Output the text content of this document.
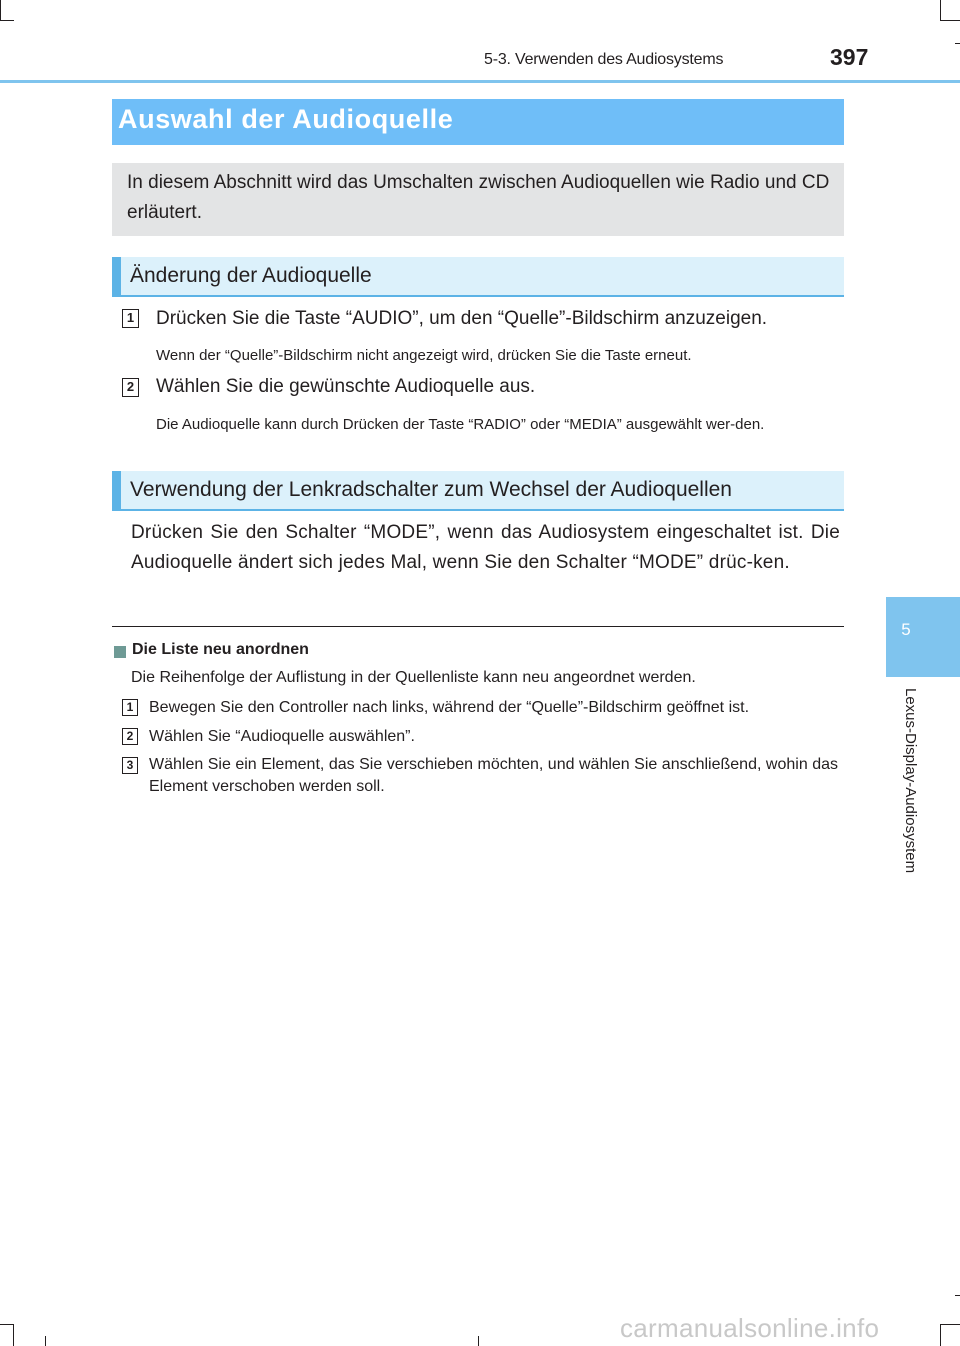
5-3. Verwenden des Audiosystems	397
5
Lexus-Display-Audiosystem
Auswahl der Audioquelle
In diesem Abschnitt wird das Umschalten zwischen Audioquellen wie Radio und CD erläutert.
Änderung der Audioquelle
1 Drücken Sie die Taste “AUDIO”, um den “Quelle”-Bildschirm anzuzeigen.
Wenn der “Quelle”-Bildschirm nicht angezeigt wird, drücken Sie die Taste erneut.
2 Wählen Sie die gewünschte Audioquelle aus.
Die Audioquelle kann durch Drücken der Taste “RADIO” oder “MEDIA” ausgewählt wer-den.
Verwendung der Lenkradschalter zum Wechsel der Audioquellen
Drücken Sie den Schalter “MODE”, wenn das Audiosystem eingeschaltet ist. Die Audioquelle ändert sich jedes Mal, wenn Sie den Schalter “MODE” drüc-ken.
Die Liste neu anordnen
Die Reihenfolge der Auflistung in der Quellenliste kann neu angeordnet werden.
1 Bewegen Sie den Controller nach links, während der “Quelle”-Bildschirm geöffnet ist.
2 Wählen Sie “Audioquelle auswählen”.
3 Wählen Sie ein Element, das Sie verschieben möchten, und wählen Sie anschließend, wohin das Element verschoben werden soll.
carmanualsonline.info
